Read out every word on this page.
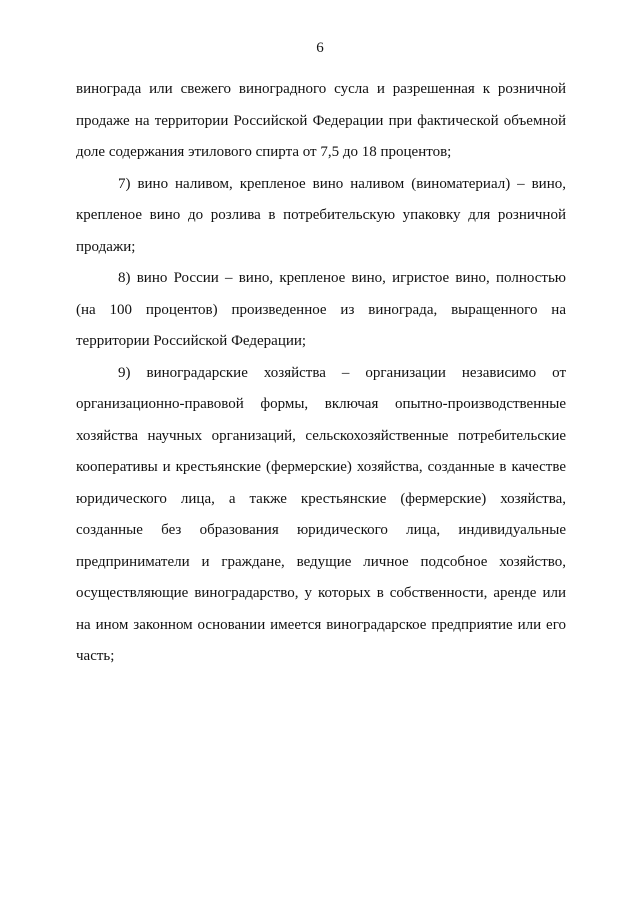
6

винограда или свежего виноградного сусла и разрешенная к розничной продаже на территории Российской Федерации при фактической объемной доле содержания этилового спирта от 7,5 до 18 процентов;

7) вино наливом, крепленое вино наливом (виноматериал) – вино, крепленое вино до розлива в потребительскую упаковку для розничной продажи;

8) вино России – вино, крепленое вино, игристое вино, полностью (на 100 процентов) произведенное из винограда, выращенного на территории Российской Федерации;

9) виноградарские хозяйства – организации независимо от организационно-правовой формы, включая опытно-производственные хозяйства научных организаций, сельскохозяйственные потребительские кооперативы и крестьянские (фермерские) хозяйства, созданные в качестве юридического лица, а также крестьянские (фермерские) хозяйства, созданные без образования юридического лица, индивидуальные предприниматели и граждане, ведущие личное подсобное хозяйство, осуществляющие виноградарство, у которых в собственности, аренде или на ином законном основании имеется виноградарское предприятие или его часть;
